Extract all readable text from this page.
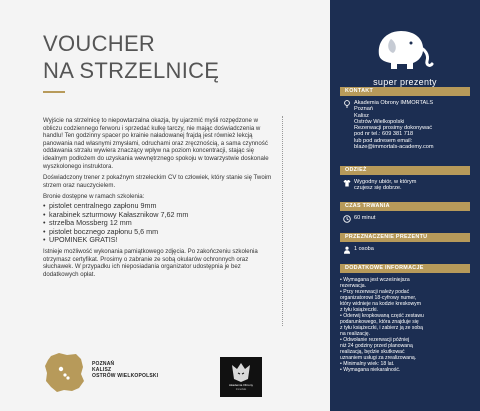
VOUCHER
NA STRZELNICĘ

Wyjście na strzelnicę to niepowtarzalna okazja, by ujarzmić myśli rozpędzone w obliczu codziennego ferworu i sprzedać kulkę tarczy, nie mając doświadczenia w handlu! Ten godzinny spacer po krainie naładowanej frajdą jest również lekcją panowania nad własnymi zmysłami, odruchami oraz zręcznością, a sama czynność oddawania strzału wywiera znaczący wpływ na poziom koncentracji, stając się idealnym podłożem do uzyskania wewnętrznego spokoju w towarzystwie doskonale wyszkolonego instruktora.

Doświadczony trener z pokaźnym strzeleckim CV to człowiek, który stanie się Twoim strzem oraz nauczycielem.

Bronie dostępne w ramach szkolenia:

• pistolet centralnego zapłonu 9mm
• karabinek szturmowy Kałasznikow 7,62 mm
• strzelba Mossberg 12 mm
• pistolet bocznego zapłonu 5,6 mm
• UPOMINEK GRATIS!

Istnieje możliwość wykonania pamiątkowego zdjęcia. Po zakończeniu szkolenia otrzymasz certyfikat. Prosimy o zabranie ze sobą okularów ochronnych oraz słuchawek. W przypadku ich nieposiadania organizator udostępnia je bez dodatkowych opłat.

POZNAŃ
KALISZ
OSTRÓW WIELKOPOLSKI
Akademia Obrony
Immortals
super prezenty
KONTAKT
Akademia Obrony IMMORTALS
Poznań
Kalisz
Ostrów Wielkopolski
Rezerwacji prosimy dokonywać
pod nr tel.: 609 381 718
lub pod adresem email:
blaze@immortals-academy.com
ODZIEŻ
Wygodny ubiór, w którym
czujesz się dobrze.
CZAS TRWANIA
60 minut
PRZEZNACZENIE PREZENTU
1 osoba
DODATKOWE INFORMACJE
• Wymagana jest wcześniejsza
rezerwacja.
• Przy rezerwacji należy podać
organizatorowi 18-cyfrowy numer,
który widnieje na kodzie kreskowym
z tyłu książeczki.
• Oderwij kropkowaną część zestawu
podarunkowego, która znajduje się
z tyłu książeczki, i zabierz ją ze sobą
na realizację.
• Odwołanie rezerwacji później
niż 24 godziny przed planowaną
realizacją, będzie skutkować
uznaniem usługi za zrealizowaną.
• Minimalny wiek: 18 lat.
• Wymagana niekaralność.
